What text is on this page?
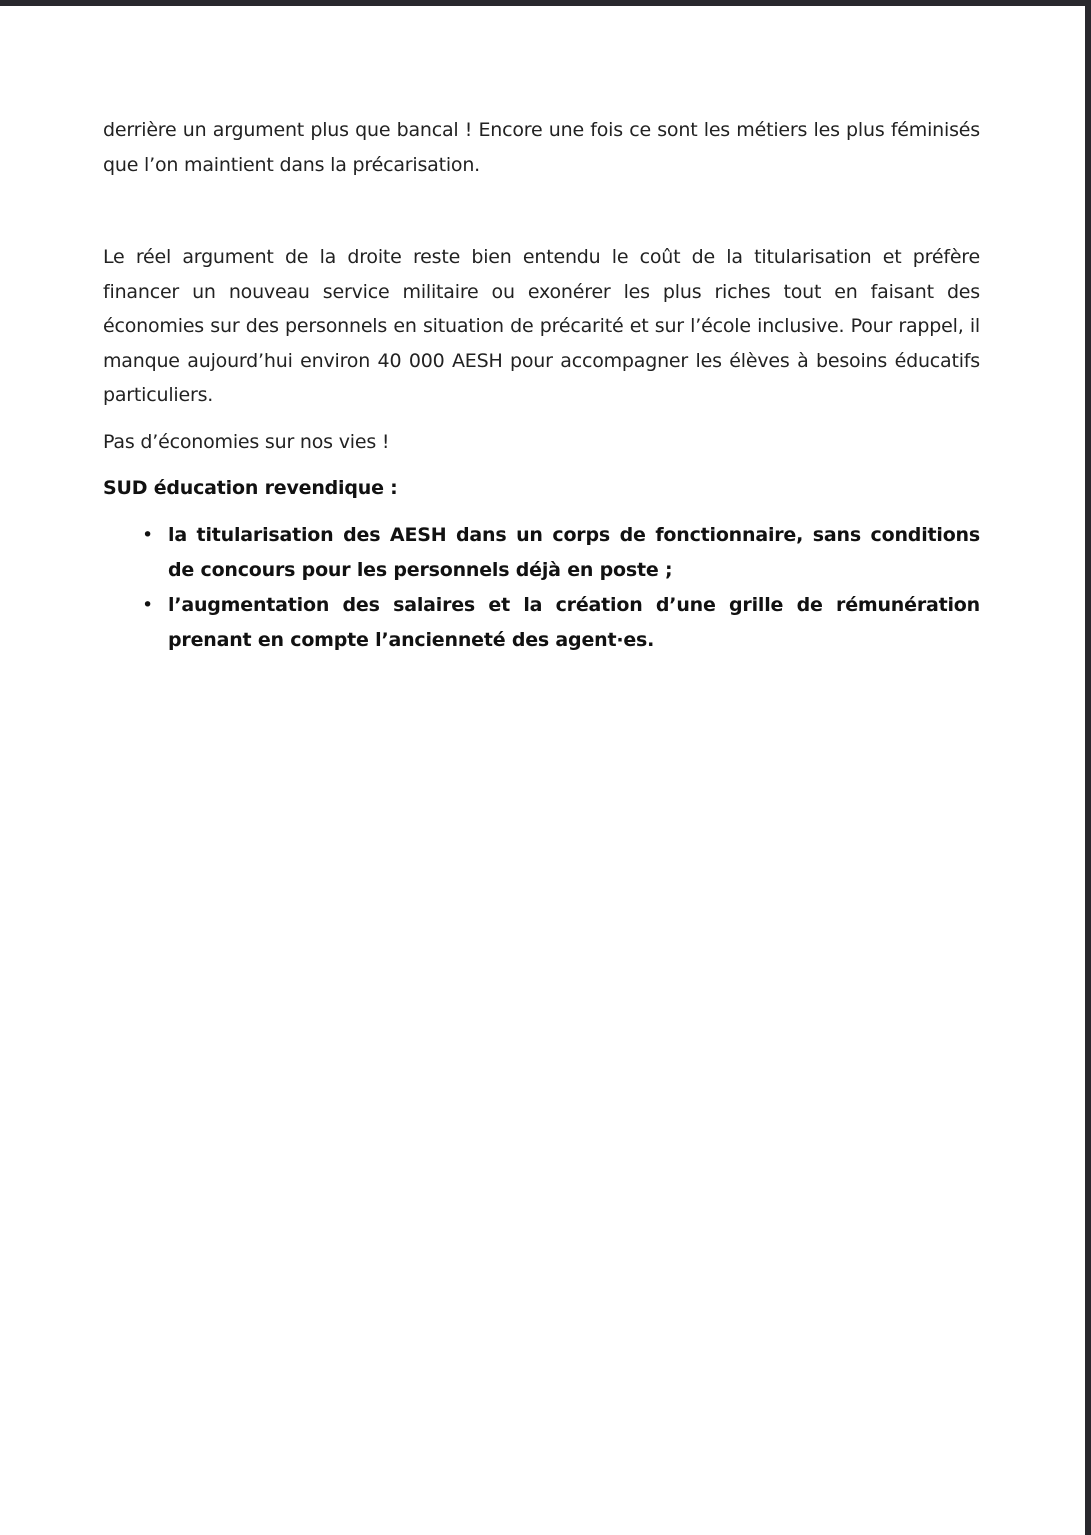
derrière un argument plus que bancal ! Encore une fois ce sont les métiers les plus féminisés que l’on maintient dans la précarisation.

Le réel argument de la droite reste bien entendu le coût de la titularisation et préfère financer un nouveau service militaire ou exonérer les plus riches tout en faisant des économies sur des personnels en situation de précarité et sur l’école inclusive. Pour rappel, il manque aujourd’hui environ 40 000 AESH pour accompagner les élèves à besoins éducatifs particuliers.

Pas d’économies sur nos vies !

SUD éducation revendique :

• la titularisation des AESH dans un corps de fonctionnaire, sans conditions de concours pour les personnels déjà en poste ;
• l’augmentation des salaires et la création d’une grille de rémunération prenant en compte l’ancienneté des agent·es.
